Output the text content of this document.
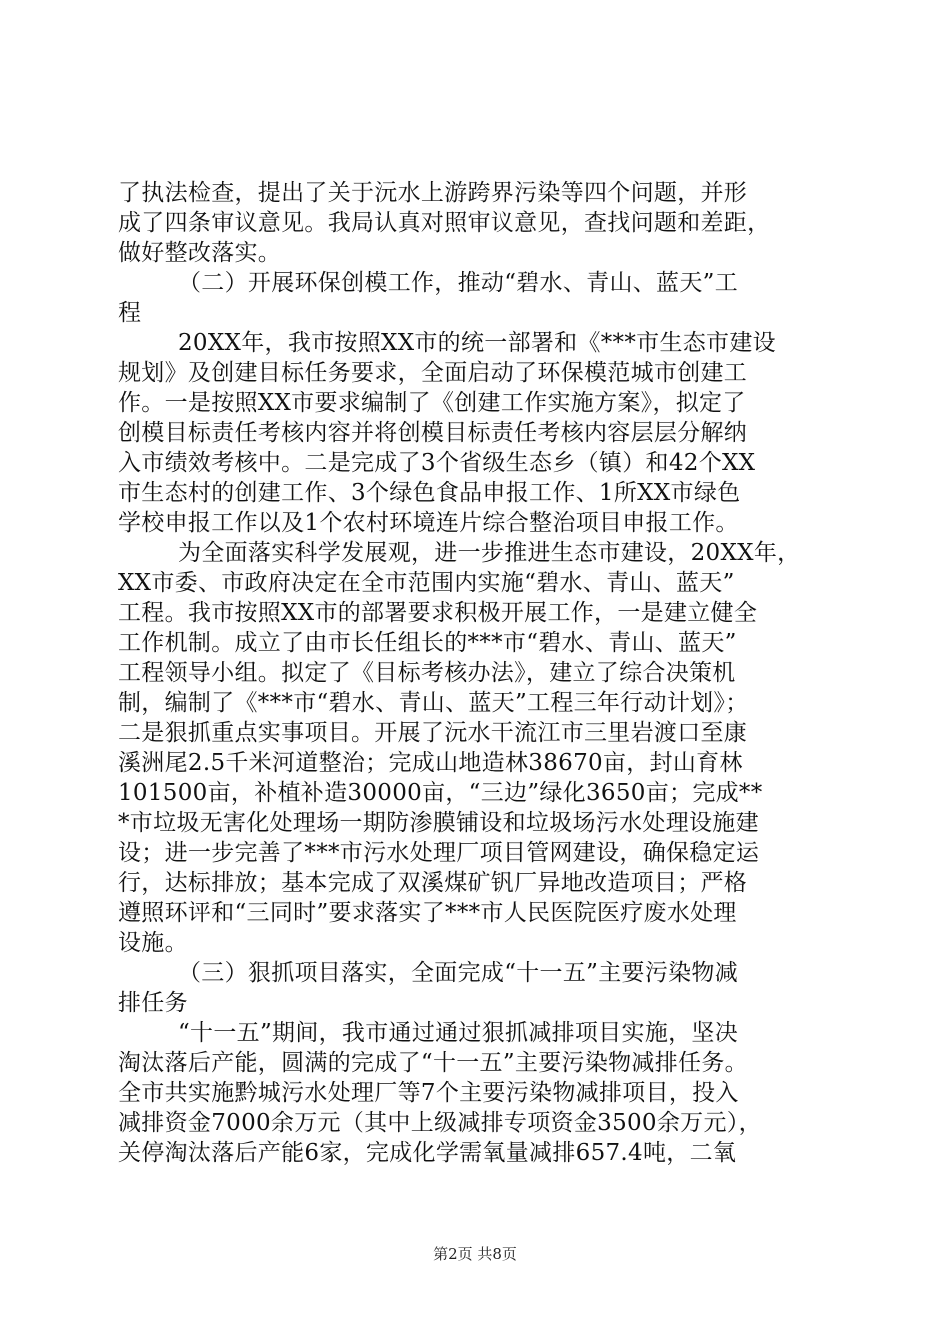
了执法检查，提出了关于沅水上游跨界污染等四个问题，并形
成了四条审议意见。我局认真对照审议意见，查找问题和差距，
做好整改落实。
（二）开展环保创模工作，推动“碧水、青山、蓝天”工
程
20XX年，我市按照XX市的统一部署和《***市生态市建设
规划》及创建目标任务要求，全面启动了环保模范城市创建工
作。一是按照XX市要求编制了《创建工作实施方案》，拟定了
创模目标责任考核内容并将创模目标责任考核内容层层分解纳
入市绩效考核中。二是完成了3个省级生态乡（镇）和42个XX
市生态村的创建工作、3个绿色食品申报工作、1所XX市绿色
学校申报工作以及1个农村环境连片综合整治项目申报工作。
为全面落实科学发展观，进一步推进生态市建设，20XX年，
XX市委、市政府决定在全市范围内实施“碧水、青山、蓝天”
工程。我市按照XX市的部署要求积极开展工作，一是建立健全
工作机制。成立了由市长任组长的***市“碧水、青山、蓝天”
工程领导小组。拟定了《目标考核办法》，建立了综合决策机
制，编制了《***市“碧水、青山、蓝天”工程三年行动计划》；
二是狠抓重点实事项目。开展了沅水干流江市三里岩渡口至康
溪洲尾2.5千米河道整治；完成山地造林38670亩，封山育林
101500亩，补植补造30000亩，“三边”绿化3650亩；完成**
*市垃圾无害化处理场一期防渗膜铺设和垃圾场污水处理设施建
设；进一步完善了***市污水处理厂项目管网建设，确保稳定运
行，达标排放；基本完成了双溪煤矿钒厂异地改造项目；严格
遵照环评和“三同时”要求落实了***市人民医院医疗废水处理
设施。
（三）狠抓项目落实，全面完成“十一五”主要污染物减
排任务
“十一五”期间，我市通过通过狠抓减排项目实施，坚决
淘汰落后产能，圆满的完成了“十一五”主要污染物减排任务。
全市共实施黔城污水处理厂等7个主要污染物减排项目，投入
减排资金7000余万元（其中上级减排专项资金3500余万元），
关停淘汰落后产能6家，完成化学需氧量减排657.4吨，二氧
第2页 共8页
